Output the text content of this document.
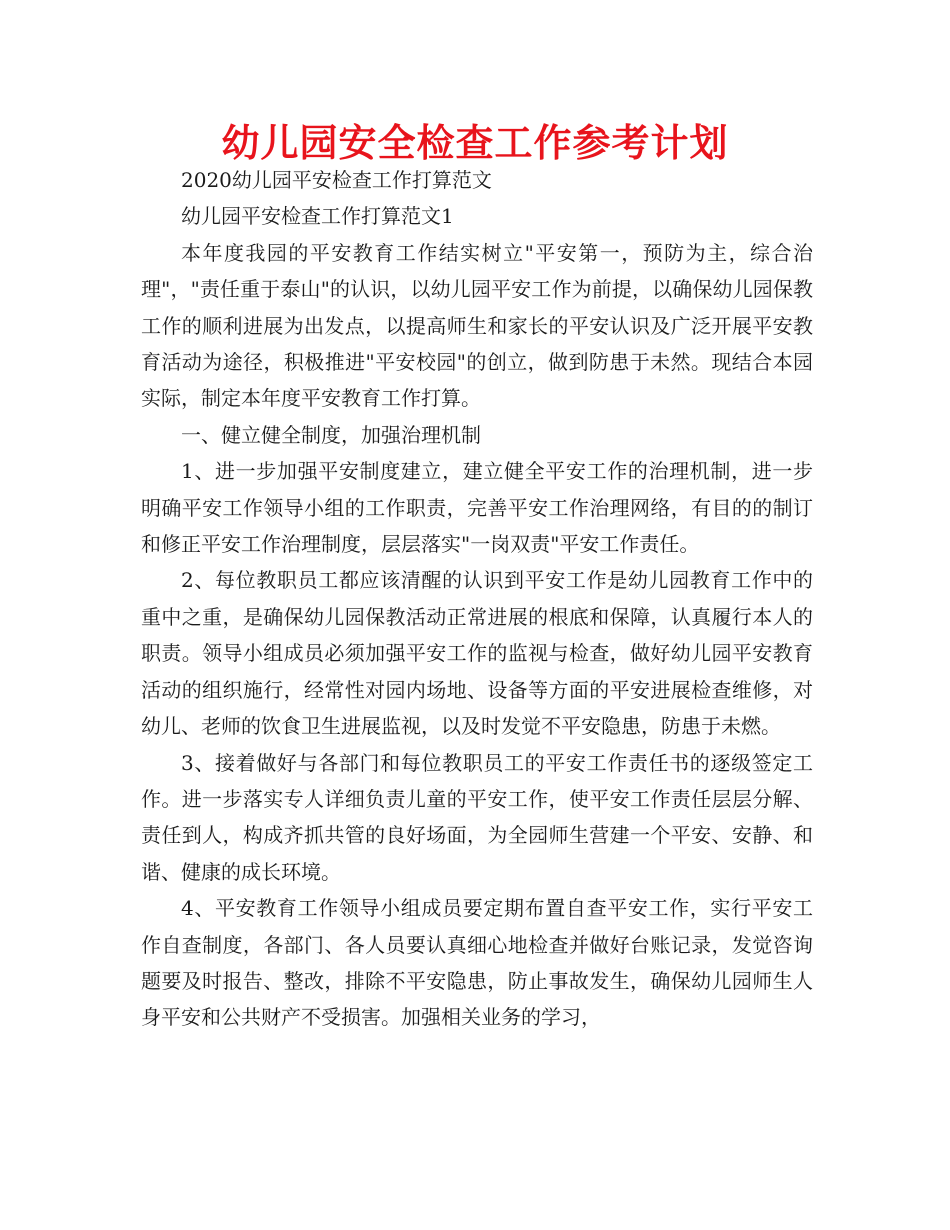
幼儿园安全检查工作参考计划

2020幼儿园平安检查工作打算范文

幼儿园平安检查工作打算范文1

本年度我园的平安教育工作结实树立"平安第一，预防为主，综合治理"，"责任重于泰山"的认识，以幼儿园平安工作为前提，以确保幼儿园保教工作的顺利进展为出发点，以提高师生和家长的平安认识及广泛开展平安教育活动为途径，积极推进"平安校园"的创立，做到防患于未然。现结合本园实际，制定本年度平安教育工作打算。

一、健立健全制度，加强治理机制

1、进一步加强平安制度建立，建立健全平安工作的治理机制，进一步明确平安工作领导小组的工作职责，完善平安工作治理网络，有目的的制订和修正平安工作治理制度，层层落实"一岗双责"平安工作责任。

2、每位教职员工都应该清醒的认识到平安工作是幼儿园教育工作中的重中之重，是确保幼儿园保教活动正常进展的根底和保障，认真履行本人的职责。领导小组成员必须加强平安工作的监视与检查，做好幼儿园平安教育活动的组织施行，经常性对园内场地、设备等方面的平安进展检查维修，对幼儿、老师的饮食卫生进展监视，以及时发觉不平安隐患，防患于未燃。

3、接着做好与各部门和每位教职员工的平安工作责任书的逐级签定工作。进一步落实专人详细负责儿童的平安工作，使平安工作责任层层分解、责任到人，构成齐抓共管的良好场面，为全园师生营建一个平安、安静、和谐、健康的成长环境。

4、平安教育工作领导小组成员要定期布置自查平安工作，实行平安工作自查制度，各部门、各人员要认真细心地检查并做好台账记录，发觉咨询题要及时报告、整改，排除不平安隐患，防止事故发生，确保幼儿园师生人身平安和公共财产不受损害。加强相关业务的学习，
